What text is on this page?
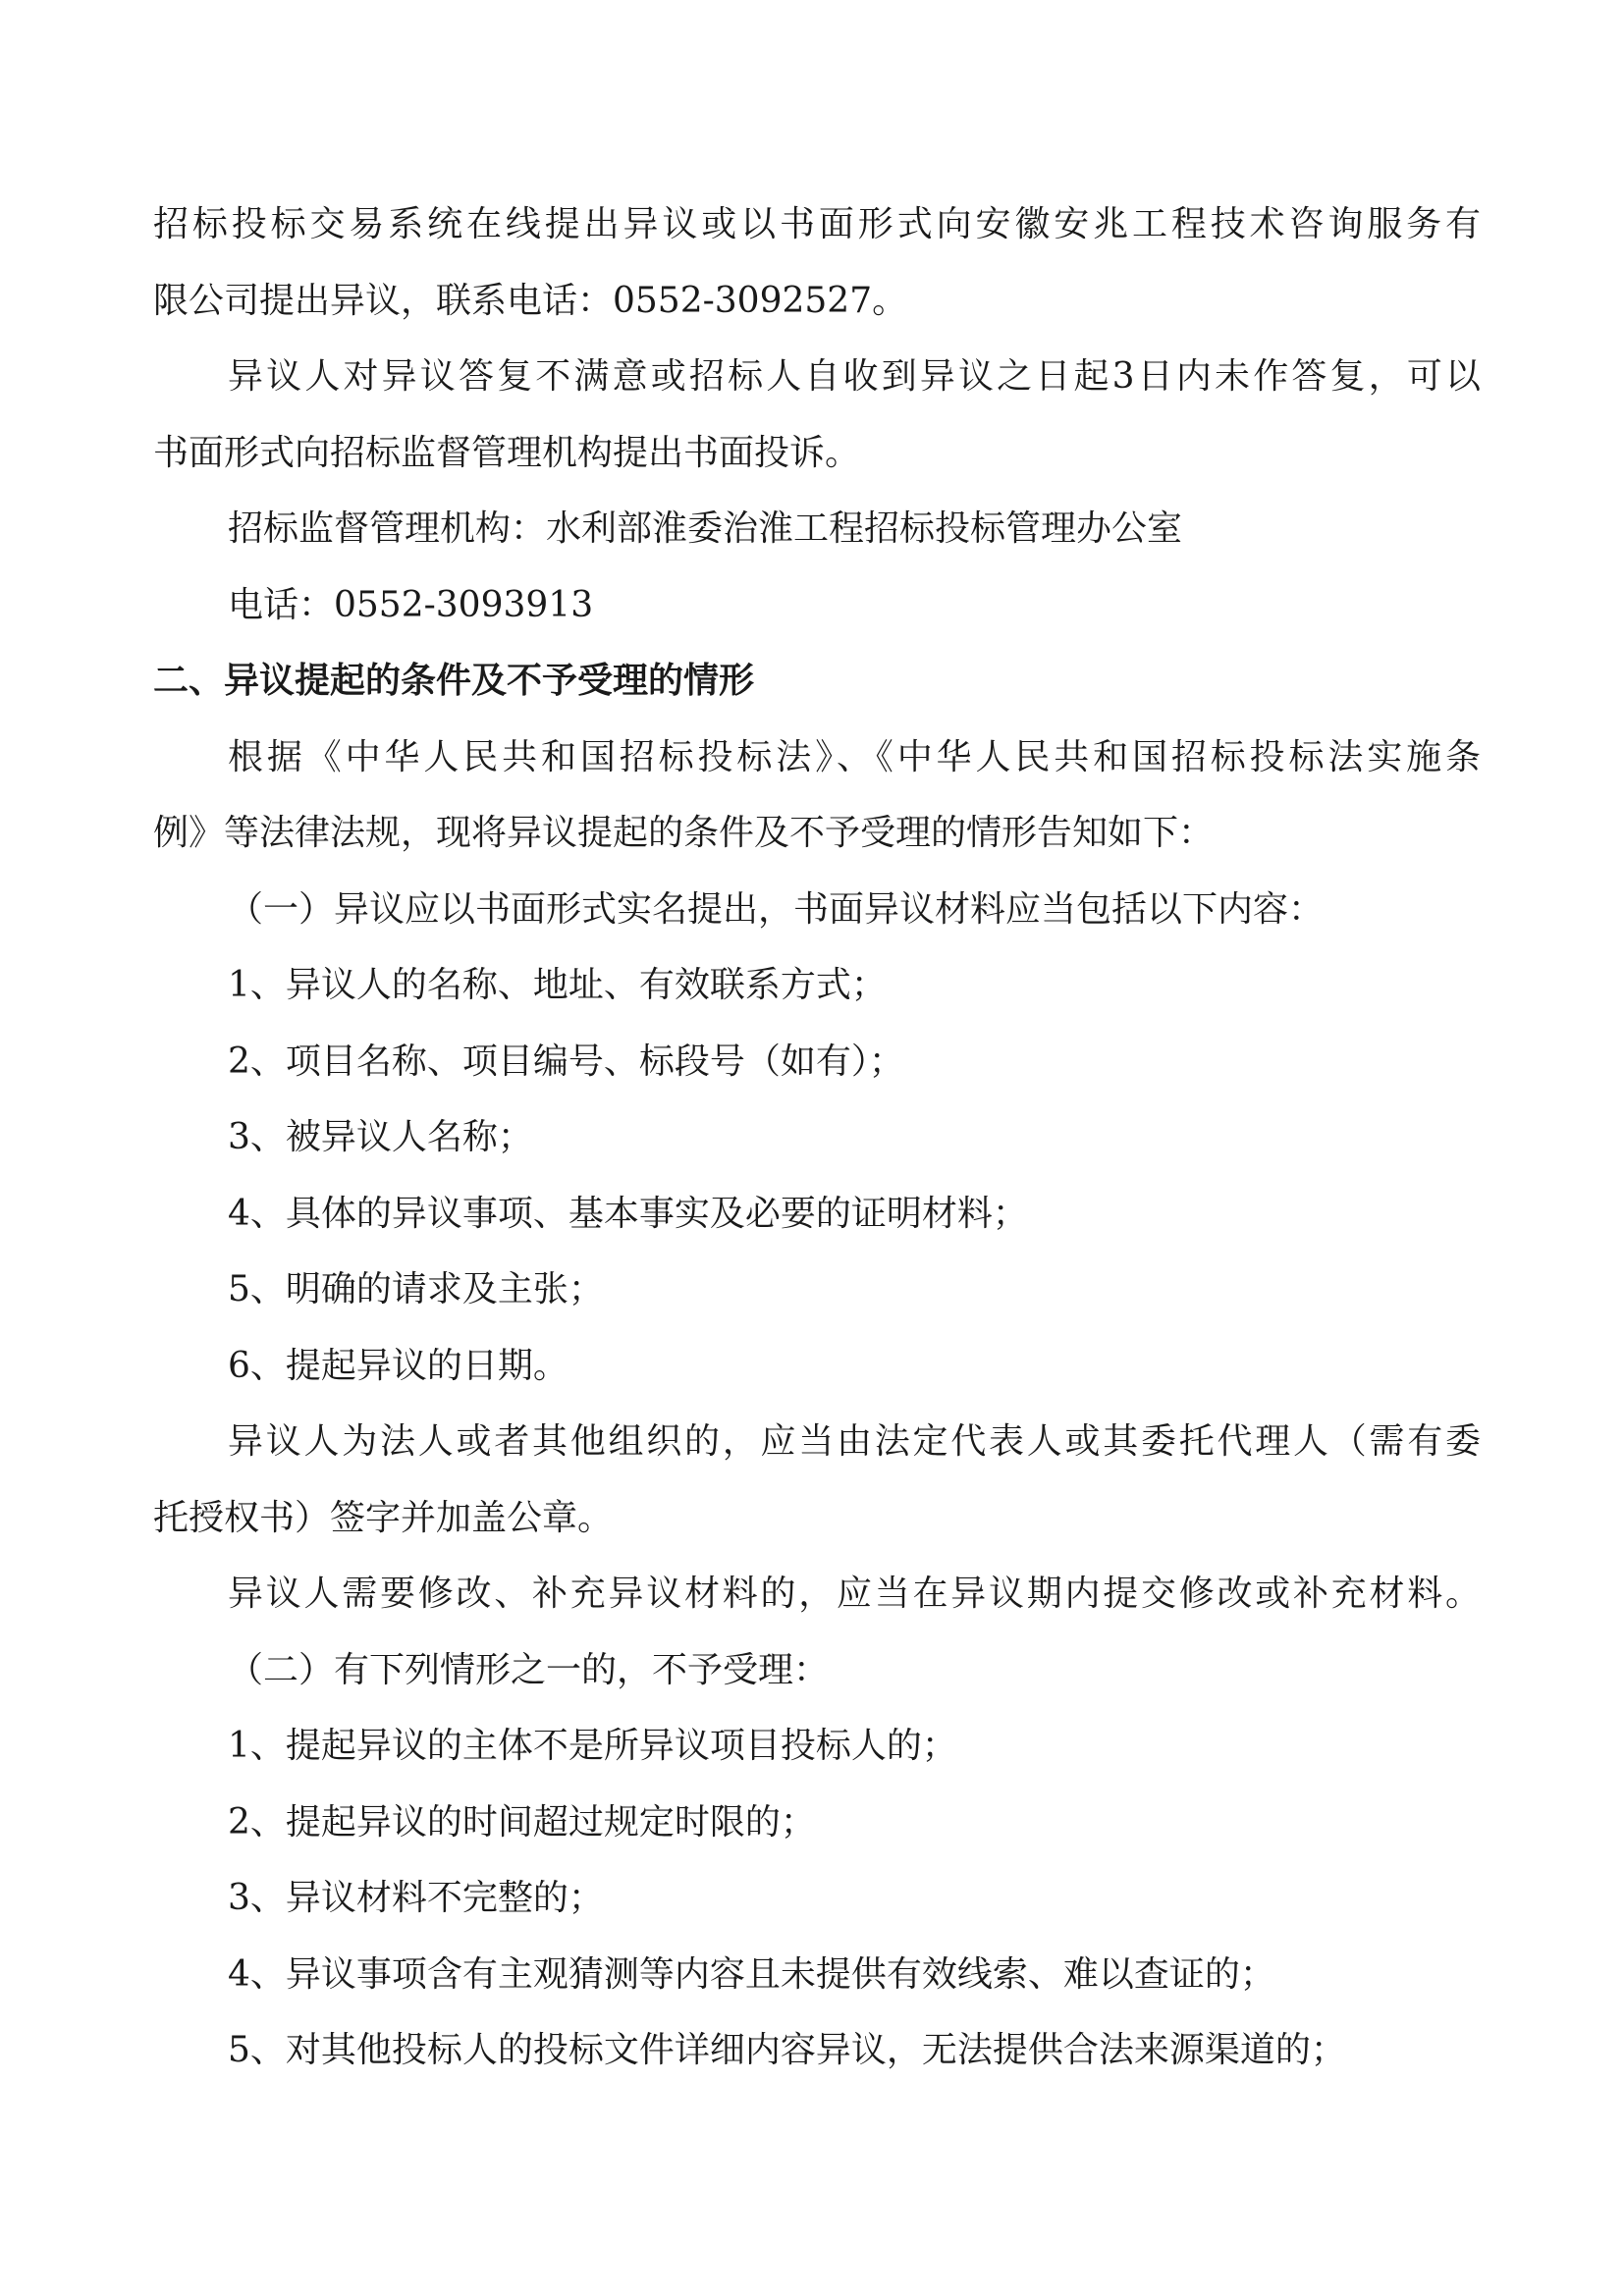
招标投标交易系统在线提出异议或以书面形式向安徽安兆工程技术咨询服务有
限公司提出异议，联系电话：0552-3092527。
异议人对异议答复不满意或招标人自收到异议之日起3日内未作答复，可以
书面形式向招标监督管理机构提出书面投诉。
招标监督管理机构：水利部淮委治淮工程招标投标管理办公室
电话：0552-3093913
二、异议提起的条件及不予受理的情形
根据《中华人民共和国招标投标法》、《中华人民共和国招标投标法实施条
例》等法律法规，现将异议提起的条件及不予受理的情形告知如下：
（一）异议应以书面形式实名提出，书面异议材料应当包括以下内容：
1、异议人的名称、地址、有效联系方式；
2、项目名称、项目编号、标段号（如有）；
3、被异议人名称；
4、具体的异议事项、基本事实及必要的证明材料；
5、明确的请求及主张；
6、提起异议的日期。
异议人为法人或者其他组织的，应当由法定代表人或其委托代理人（需有委
托授权书）签字并加盖公章。
异议人需要修改、补充异议材料的，应当在异议期内提交修改或补充材料。
（二）有下列情形之一的，不予受理：
1、提起异议的主体不是所异议项目投标人的；
2、提起异议的时间超过规定时限的；
3、异议材料不完整的；
4、异议事项含有主观猜测等内容且未提供有效线索、难以查证的；
5、对其他投标人的投标文件详细内容异议，无法提供合法来源渠道的；
